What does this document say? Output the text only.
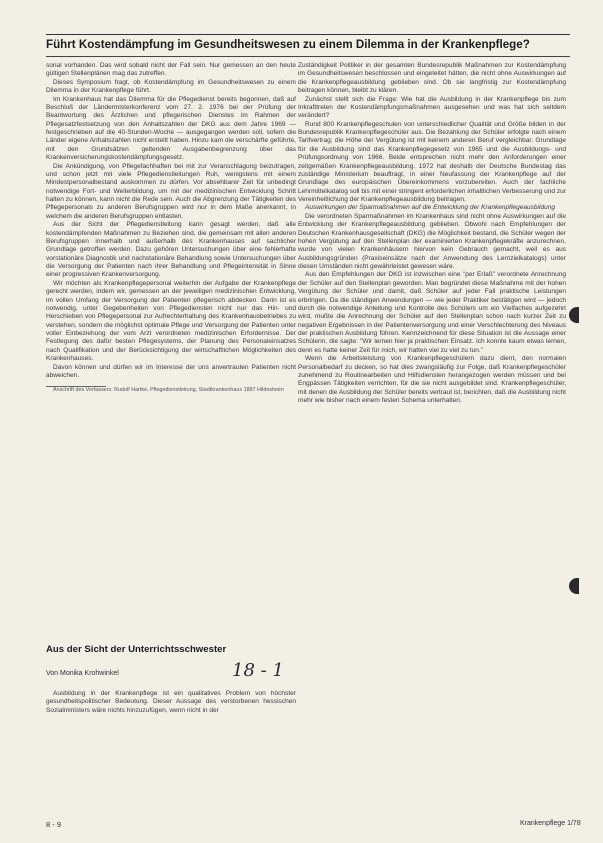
Führt Kostendämpfung im Gesundheitswesen zu einem Dilemma in der Krankenpflege?

sonal vorhanden. Das wird sobald nicht der Fall sein. Nur gemessen an den heute gültigen Stellenplänen mag das zutreffen.

Dieses Symposium fragt, ob Kostendämpfung im Gesundheitswesen zu einem Dilemma in der Krankenpflege führt.

Im Krankenhaus hat das Dilemma für die Pflegedienst bereits begonnen, daß auf Beschluß der Ländermisterkonferenz vom 27. 2. 1976 bei der Prüfung der Beantwortung des Ärzlichen und pflegerischen Dienstes im Rahmen der Pflegesatzfestsetzung von den Anhaltszahlen der DKG aus dem Jahre 1969 — festgeschrieben auf die 40-Stunden-Woche — ausgegangen werden soll, sofern die Länder eigene Anhaltszahlen nicht erstellt haben. Hinzu kam die verschärfte geführte, mit den Grundsätzen geltenden Ausgabenbegrenzung über das Krankenversicherungskostendämpfungsgesetz.

Die Ankündigung, von Pflegefachhaften bei mit zur Veranschlagung beizutragen, und schon jetzt mit viele Pflegedienstleitungen Ruh, wenigstens mit einem Mindestpersonalbestand auskommen zu dürfen. Vor absehbarer Zeit für unbedingt notwendige Fort- und Weiterbildung, um mit der medizinischen Entwicklung Schritt halten zu können, kann nicht die Rede sein. Auch die Abgrenzung der Tätigkeiten des Pflegepersonals zu anderen Berufsgruppen wird nur in dem Maße anerkannt, in welchem die anderen Berufsgruppen entlasten.

Aus der Sicht der Pflegedienstleitung kann gesagt werden, daß alle kostendämpfenden Maßnahmen zu Beziehen sind, die gemeinsam mit allen anderen Berufsgruppen innerhalb und außerhalb des Krankenhauses auf sachlicher Grundlage getroffen werden. Dazu gehören Untersuchungen über eine fehlerhafte vorstationäre Diagnostik und nachstationäre Behandlung sowie Untersuchungen über die Versorgung der Patienten nach ihrer Behandlung und Pflegeintensität in Sinne einer progressiven Krankenversorgung.

Wir möchten als Krankenpflegepersonal weiterhin der Aufgabe der Krankenpflege gerecht werden, indem wir, gemessen an der jeweiligen medizinischen Entwicklung, im vollen Umfang der Versorgung der Patienten pflegerisch abdecken. Darin ist es notwendig, unter Gegebenheiten von Pflegediensten nicht nur das Hin- und Herschieben von Pflegepersonal zur Aufrechterhaltung des Krankenhausbetriebes zu verstehen, sondern die möglichst optimale Pflege und Versorgung der Patienten unter voller Einbeziehung der vom Arzt verordneten medizinischen Erfordernisse. Der Festlegung des dafür besten Pflegesystems, der Planung des Personaleinsatzes nach Qualifikation und der Berücksichtigung der wirtschaftlichen Möglichkeiten des Krankenhauses.

Davon können und dürfen wir im Interesse der uns anvertrauten Patienten nicht abweichen.

Anschrift des Verfassers: Rudolf Hartke, Pflegedienstleitung, Stadtkrankenhaus 1887 Hildesheim

Aus der Sicht der Unterrichtsschwester
Von Monika Krohwinkel	18 - 1

Ausbildung in der Krankenpflege ist ein qualitatives Problem von höchster gesundheitspolitischer Bedeutung. Dieser Aussage des verstorbenen hessischen Sozialministers wäre nichts hinzuzufügen, wenn nicht in der

Zuständigkeit Politiker in der gesamten Bundesrepublik Maßnahmen zur Kostendämpfung im Gesundheitswesen beschlossen und eingeleitet hätten, die nicht ohne Auswirkungen auf die Krankenpflegeausbildung geblieben sind. Ob sie langfristig zur Kostendämpfung beitragen können, bleibt zu klären.

Zunächst stellt sich die Frage: Wie hat die Ausbildung in der Krankenpflege bis zum Inkrafttreten der Kostendämpfungsmaßnahmen ausgesehen und was hat sich seitdem verändert?

Rund 800 Krankenpflegeschulen von unterschiedlicher Qualität und Größe bilden in der Bundesrepublik Krankenpflegeschüler aus. Die Bezahlung der Schüler erfolgte nach einem Tarifvertrag; die Höhe der Vergütung ist mit keinem anderen Beruf vergleichbar. Grundlage für die Ausbildung sind das Krankenpflegegesetz von 1965 und die Ausbildungs- und Prüfungsordnung von 1966. Beide entsprechen nicht mehr den Anforderungen einer zeitgemäßen Krankenpflegeausbildung. 1972 hat deshalb der Deutsche Bundestag das zuständige Ministerium beauftragt, in einer Neufassung der Krankenpflege auf der Grundlage des europäischen Übereinkommens vorzubereiten. Auch der fachliche Lehrmittelkatalog soll bis mit einer stringent erforderlichen inhaltlichen Verbesserung und zur Vereinheitlichung der Krankenpflegeausbildung beitragen.

Auswirkungen der Sparmaßnahmen auf die Entwicklung der Krankenpflegeausbildung

Die verordneten Sparmaßnahmen im Krankenhaus sind nicht ohne Auswirkungen auf die Entwicklung der Krankenpflegeausbildung geblieben. Obwohl nach Empfehlungen der Deutschen Krankenhausgesellschaft (DKG) die Möglichkeit bestand, die Schüler wegen der hohen Vergütung auf den Stellenplan der examinierten Krankenpflegekräfte anzurechnen, wurde von vielen Krankenhäusern hiervon kein Gebrauch gemacht, weil es aus Ausbildungsgründen (Praxiseinsätze nach der Anwendung des Lernzielkatalogs) unter diesen Umständen nicht gewährleistet gewesen wäre.

Aus den Empfehlungen der DKG ist inzwischen eine "per Erlaß" verordnete Anrechnung der Schüler auf den Stellenplan geworden. Man begründet diese Maßnahme mit der hohen Vergütung der Schüler und damit, daß Schüler auf jeder Fall praktische Leistungen erbringen. Da die ständigen Anwendungen — wie jeder Praktiker bestätigen wird — jedoch durch die notwendige Anleitung und Kontrolle des Schülers um ein Vielfaches aufgezehrt wird, mußte die Anrechnung der Schüler auf den Stellenplan schon nach kurzer Zeit zu negativen Ergebnissen in der Patientenversorgung und einer Verschlechterung des Niveaus der praktischen Ausbildung führen. Kennzeichnend für diese Situation ist die Aussage einer Schülerin, die sagte: "Wir lernen hier ja praktischen Einsatz. Ich konnte kaum etwas lernen, denn es hatte keiner Zeit für mich, wir hatten viel zu viel zu tun."

Wenn die Arbeitsleistung von Krankenpflegeschülern dazu dient, den normalen Personalbedarf zu decken, so hat dies zwangsläufig zur Folge, daß Krankenpflegeschüler zunehmend zu Routinearbeiten und Hilfsdiensten herangezogen werden müssen und bei Engpässen Tätigkeiten verrichten, für die sie nicht ausgebildet sind. Krankenpflegeschüler, mit denen die Ausbildung der Schüler bereits vertraut ist, berichten, daß die Ausbildung nicht mehr wie bisher nach einem festen Schema unterhalten.

8 - 9	Krankenpflege 1/78
